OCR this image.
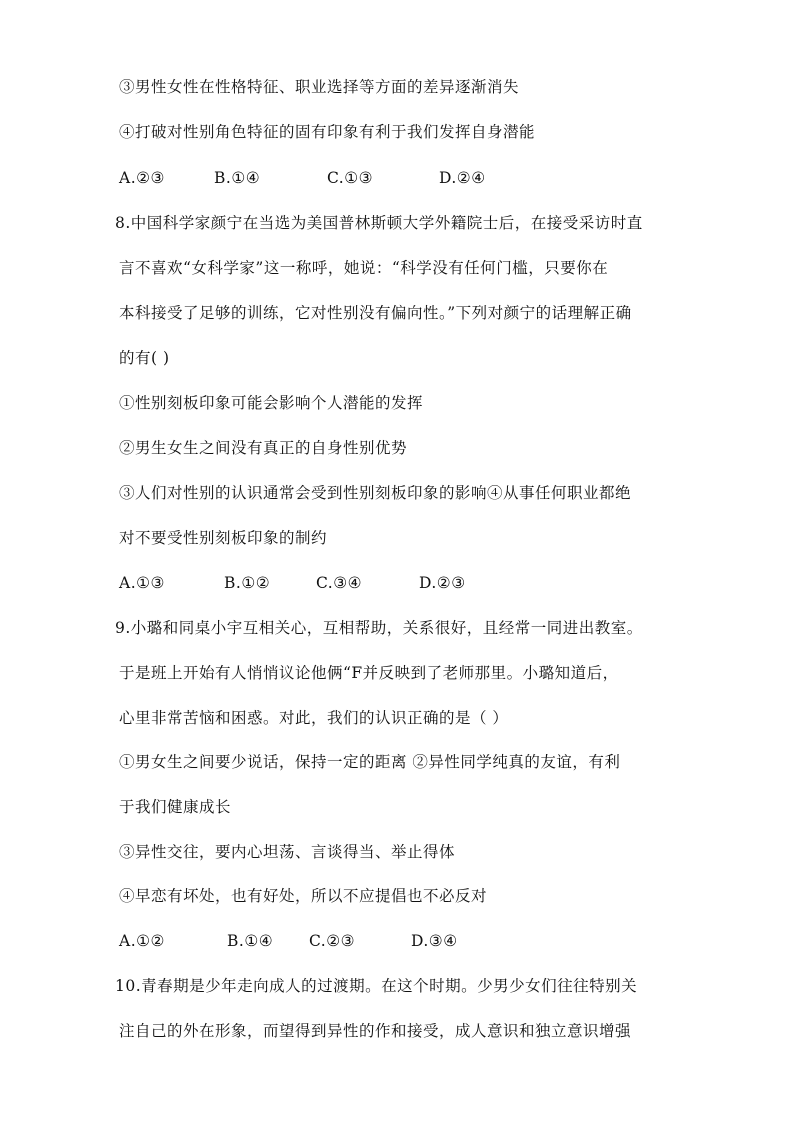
③男性女性在性格特征、职业选择等方面的差异逐渐消失
④打破对性别角色特征的固有印象有利于我们发挥自身潜能
A.②③	B.①④	C.①③	D.②④
8.中国科学家颜宁在当选为美国普林斯顿大学外籍院士后，在接受采访时直
言不喜欢“女科学家”这一称呼，她说：“科学没有任何门槛，只要你在
本科接受了足够的训练，它对性别没有偏向性。”下列对颜宁的话理解正确
的有( )
①性别刻板印象可能会影响个人潜能的发挥
②男生女生之间没有真正的自身性别优势
③人们对性别的认识通常会受到性别刻板印象的影响④从事任何职业都绝
对不要受性别刻板印象的制约
A.①③	B.①②	C.③④	D.②③
9.小璐和同桌小宇互相关心，互相帮助，关系很好，且经常一同进出教室。
于是班上开始有人悄悄议论他俩“F并反映到了老师那里。小璐知道后，
心里非常苦恼和困惑。对此，我们的认识正确的是（ ）
①男女生之间要少说话，保持一定的距离 ②异性同学纯真的友谊，有利
于我们健康成长
③异性交往，要内心坦荡、言谈得当、举止得体
④早恋有坏处，也有好处，所以不应提倡也不必反对
A.①②	B.①④ C.②③	D.③④
10.青春期是少年走向成人的过渡期。在这个时期。少男少女们往往特别关
注自己的外在形象，而望得到异性的作和接受，成人意识和独立意识增强
